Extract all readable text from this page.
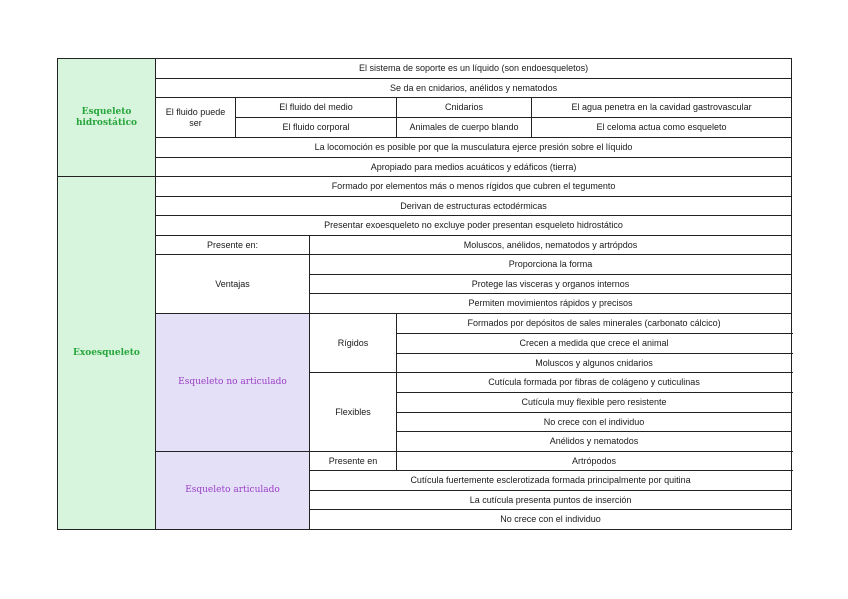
Esqueleto hidrostático	El sistema de soporte es un líquido (son endoesqueletos)					
	Se da en cnidarios, anélidos y nematodos					
	El fluido puede ser	El fluido del medio		Cnidarios	El agua penetra en la cavidad gastrovascular	
		El fluido corporal		Animales de cuerpo blando	El celoma actua como esqueleto	
	La locomoción es posible por que la musculatura ejerce presión sobre el líquido					
	Apropiado para medios acuáticos y edáficos (tierra)					
Exoesqueleto	Formado por elementos más o menos rígidos que cubren el tegumento					
	Derivan de estructuras ectodérmicas					
	Presentar exoesqueleto no excluye poder presentan esqueleto hidrostático					
	Presente en:		Moluscos, anélidos, nematodos y artrópdos			
	Ventajas		Proporciona la forma			
			Protege las visceras y organos internos			
			Permiten movimientos rápidos y precisos			
	Esqueleto no articulado		Rígidos	Formados por depósitos de sales minerales (carbonato cálcico)		
				Crecen a medida que crece el animal		
				Moluscos y algunos cnidarios		
			Flexibles	Cutícula formada por fibras de colágeno y cuticulinas		
				Cutícula muy flexible pero resistente		
				No crece con el individuo	
				Anélidos y nematodos		
	Esqueleto articulado		Presente en	Artrópodos		
			Cutícula fuertemente esclerotizada formada principalmente por quitina			
			La cutícula presenta puntos de inserción	
			No crece con el individuo	
